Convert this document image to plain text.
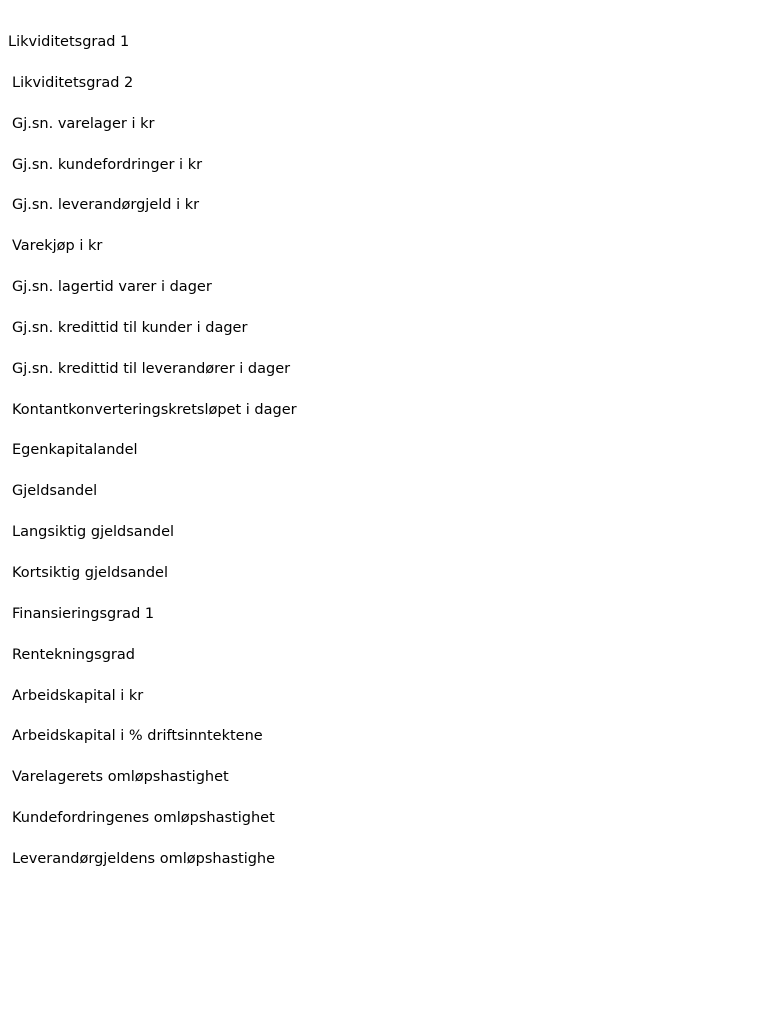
Likviditetsgrad 1
Likviditetsgrad 2
Gj.sn. varelager i kr
Gj.sn. kundefordringer i kr
Gj.sn. leverandørgjeld i kr
Varekjøp i kr
Gj.sn. lagertid varer i dager
Gj.sn. kredittid til kunder i dager
Gj.sn. kredittid til leverandører i dager
Kontantkonverteringskretsløpet i dager
Egenkapitalandel
Gjeldsandel
Langsiktig gjeldsandel
Kortsiktig gjeldsandel
Finansieringsgrad 1
Rentekningsgrad
Arbeidskapital i kr
Arbeidskapital i % driftsinntektene
Varelagerets omløpshastighet
Kundefordringenes omløpshastighet
Leverandørgjeldens omløpshastighe
